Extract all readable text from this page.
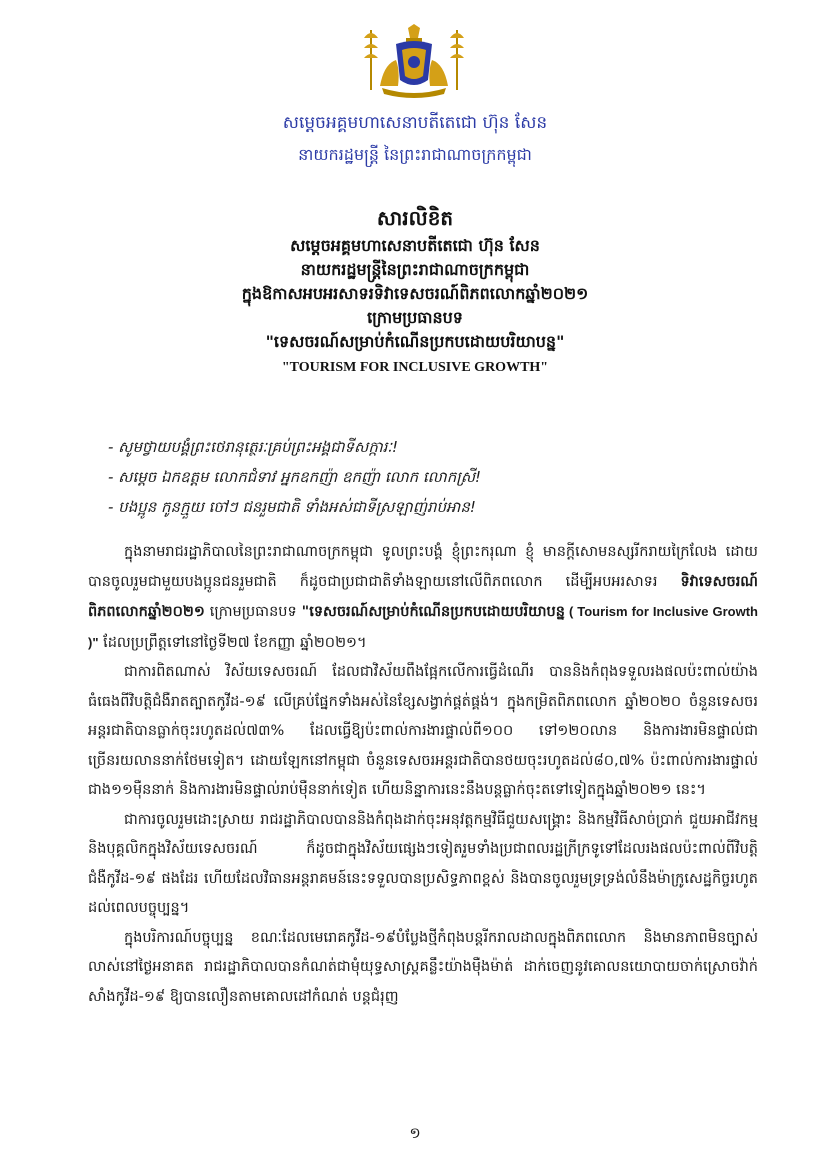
សម្តេចអគ្គមហាសេនាបតីតេជោ ហ៊ុន សែន
នាយករដ្ឋមន្ត្រី នៃព្រះរាជាណាចក្រកម្ពុជា
សារលិខិត
សម្តេចអគ្គមហាសេនាបតីតេជោ ហ៊ុន សែន
នាយករដ្ឋមន្ត្រីនៃព្រះរាជាណាចក្រកម្ពុជា
ក្នុងឱកាសអបអរសាទរទិវាទេសចរណ៍ពិភពលោកឆ្នាំ២០២១
ក្រោមប្រធានបទ
"ទេសចរណ៍សម្រាប់កំណើនប្រកបដោយបរិយាបន្ន"
"TOURISM FOR INCLUSIVE GROWTH"
- សូមថ្វាយបង្គំព្រះថេរានុត្ថេរៈគ្រប់ព្រះអង្គជាទីសក្ការៈ!
- សម្តេច ឯកឧត្តម លោកជំទាវ អ្នកឧកញ៉ា ឧកញ៉ា លោក លោកស្រី!
- បងប្អូន កូនក្មួយ ចៅៗ ជនរួមជាតិ ទាំងអស់ជាទីស្រឡាញ់រាប់អាន!

ក្នុងនាមរាជរដ្ឋាភិបាលនៃព្រះរាជាណាចក្រកម្ពុជា ទូលព្រះបង្គំ ខ្ញុំព្រះករុណា ខ្ញុំ មានក្តីសោមនស្សរីករាយក្រៃលែង ដោយបានចូលរួមជាមួយបងប្អូនជនរួមជាតិ ក៏ដូចជាប្រជាជាតិទាំងឡាយនៅលើពិភពលោក ដើម្បីអបអរសាទរ ទិវាទេសចរណ៍ពិភពលោកឆ្នាំ២០២១ ក្រោមប្រធានបទ "ទេសចរណ៍សម្រាប់កំណើនប្រកបដោយបរិយាបន្ន ( Tourism for Inclusive Growth )" ដែលប្រព្រឹត្តទៅនៅថ្ងៃទី២៧ ខែកញ្ញា ឆ្នាំ២០២១។

ជាការពិតណាស់ វិស័យទេសចរណ៍ ដែលជាវិស័យពឹងផ្អែកលើការធ្វើដំណើរ បាននិងកំពុងទទួលរងផលប៉ះពាល់យ៉ាងធំធេងពីវិបត្តិជំងឺរាតត្បាតកូវីដ-១៩ លើគ្រប់ផ្នែកទាំងអស់នៃខ្សែសង្វាក់ផ្គត់ផ្គង់។ ក្នុងកម្រិតពិភពលោក ឆ្នាំ២០២០ ចំនួនទេសចរអន្តរជាតិបានធ្លាក់ចុះរហូតដល់៧៣% ដែលធ្វើឱ្យប៉ះពាល់ការងារផ្ទាល់ពី១០០ ទៅ១២០លាន និងការងារមិនផ្ទាល់ជាច្រើនរយលាននាក់ថែមទៀត។ ដោយឡែកនៅកម្ពុជា ចំនួនទេសចរអន្តរជាតិបានថយចុះរហូតដល់៨០,៧% ប៉ះពាល់ការងារផ្ទាល់ជាង១១ម៉ឺននាក់ និងការងារមិនផ្ទាល់រាប់ម៉ឺននាក់ទៀត ហើយនិន្នាការនេះនឹងបន្តធ្លាក់ចុះតទៅទៀតក្នុងឆ្នាំ២០២១ នេះ។

ជាការចូលរួមដោះស្រាយ រាជរដ្ឋាភិបាលបាននិងកំពុងដាក់ចុះអនុវត្តកម្មវិធីជួយសង្គ្រោះ និងកម្មវិធីសាច់ប្រាក់ ជួយអាជីវកម្ម និងបុគ្គលិកក្នុងវិស័យទេសចរណ៍ ក៏ដូចជាក្នុងវិស័យផ្សេងៗទៀតរួមទាំងប្រជាពលរដ្ឋក្រីក្រទូទៅដែលរងផលប៉ះពាល់ពីវិបត្តិជំងឺកូវីដ-១៩ ផងដែរ ហើយដែលវិធានអន្តរាគមន៍នេះទទួលបានប្រសិទ្ធភាពខ្ពស់ និងបានចូលរួមទ្រទ្រង់លំនឹងម៉ាក្រូសេដ្ឋកិច្ចរហូតដល់ពេលបច្ចុប្បន្ន។

ក្នុងបរិការណ៍បច្ចុប្បន្ន ខណៈដែលមេរោគកូវីដ-១៩បំប្លែងថ្មីកំពុងបន្តរីករាលដាលក្នុងពិភពលោក និងមានភាពមិនច្បាស់លាស់នៅថ្ងៃអនាគត រាជរដ្ឋាភិបាលបានកំណត់ជាមុំយុទ្ធសាស្ត្រគន្លឹះយ៉ាងម៉ឺងម៉ាត់ ដាក់ចេញនូវគោលនយោបាយចាក់ស្រោចវ៉ាក់សាំងកូវីដ-១៩ ឱ្យបានលឿនតាមគោលដៅកំណត់ បន្តជំរុញ

១
